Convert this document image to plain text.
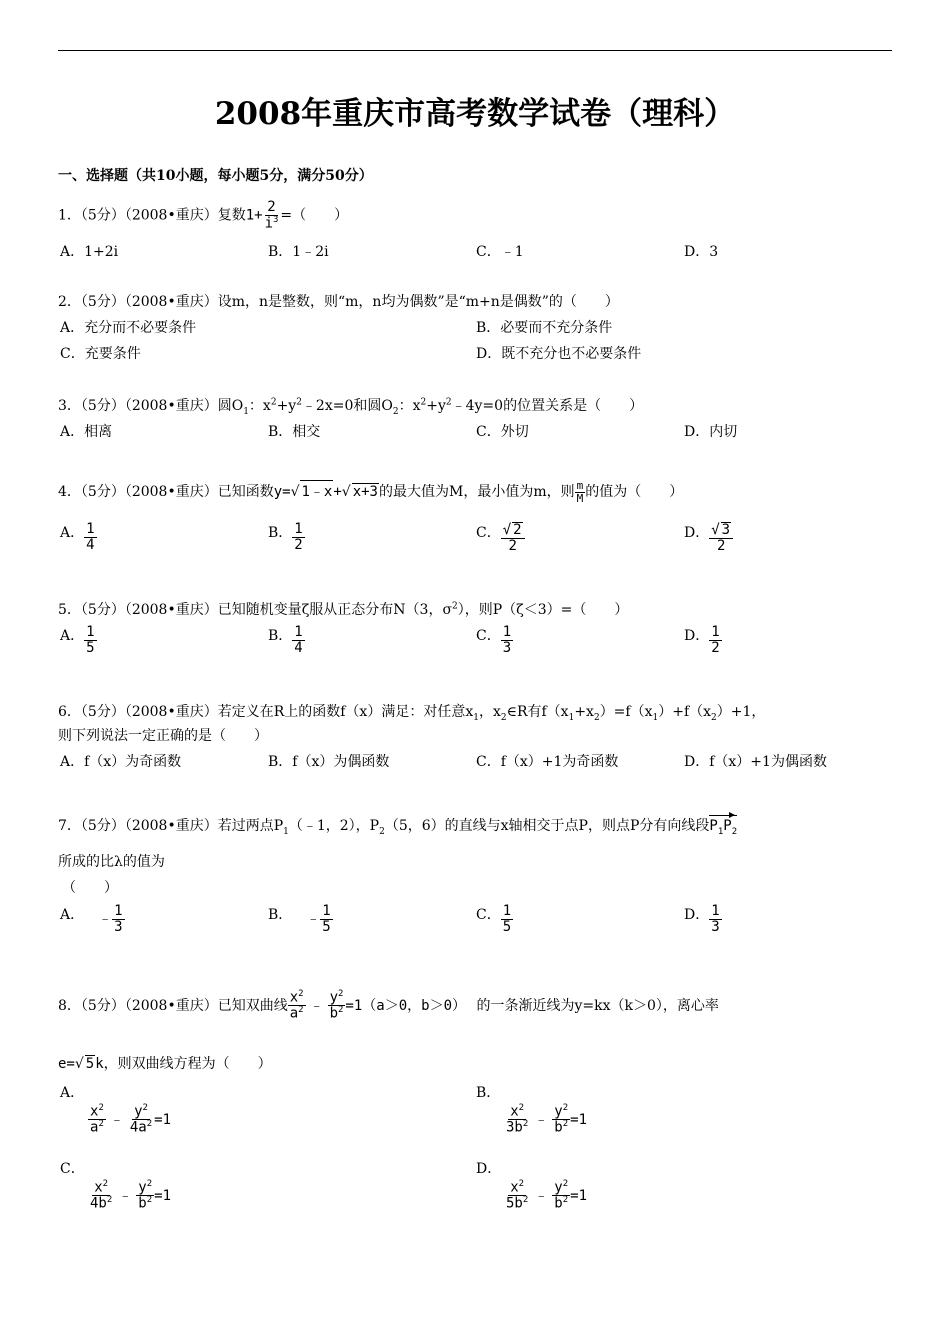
2008年重庆市高考数学试卷（理科）
一、选择题（共10小题，每小题5分，满分50分）
1．（5分）（2008•重庆）复数$1+ \frac{2}{i^3}$ =（　　）
A．1+2i	B．1﹣2i	C．﹣1	D．3
2．（5分）（2008•重庆）设m，n是整数，则“m，n均为偶数”是“m+n是偶数”的（　　）
A．充分而不必要条件	B．必要而不充分条件
C．充要条件	D．既不充分也不必要条件
3．（5分）（2008•重庆）圆$O_1$：$x^2+y^2﹣2x=0$和圆$O_2$：$x^2+y^2﹣4y=0$的位置关系是（　　）
A．相离	B．相交	C．外切	D．内切
4．（5分）（2008•重庆）已知函数y=√ 1﹣x+√ x+3的最大值为M，最小值为m，则 $\frac{m}{M}$ 的值为（　　）
A． $\frac{1}{4}$	B． $\frac{1}{2}$	C． $\frac{√ 2}{2}$	D． $\frac{√ 3}{2}$
5．（5分）（2008•重庆）已知随机变量ζ服从正态分布N（3，$\sigma^2$），则P（ζ＜3）=（　　）
A． $\frac{1}{5}$	B． $\frac{1}{4}$	C． $\frac{1}{3}$	D． $\frac{1}{2}$
6．（5分）（2008•重庆）若定义在R上的函数f（x）满足：对任意$x_1$，$x_2\in R$有$f(x_1+x_2)=f(x_1)+f(x_2)+1$，
则下列说法一定正确的是（　　）
A．f（x）为奇函数	B．f（x）为偶函数	C．f（x）+1为奇函数	D．f（x）+1为偶函数
7．（5分）（2008•重庆）若过两点$P_1(﹣1$，2），$P_2(5$，6）的直线与x轴相交于点P，则点P分有向线段$P_1P_2$
所成的比λ的值为
（　　）
A． ﹣ $\frac{1}{3}$	B． ﹣ $\frac{1}{5}$	C． $\frac{1}{5}$	D． $\frac{1}{3}$
8．（5分）（2008•重庆）已知双曲线 $\frac{x^2}{a^2}$ ﹣ $\frac{y^2}{b^2} =1(a>0$，b＞0） 的一条渐近线为y=kx（k＞0），离心率
e=√ 5k，则双曲线方程为（　　）
A．
$\frac{x^2}{a^2}$ ﹣ $\frac{y^2}{4a^2} =1$
B．
$\frac{x^2}{3b^2}$ ﹣ $\frac{y^2}{b^2} =1$
C．
$\frac{x^2}{4b^2}$ ﹣ $\frac{y^2}{b^2} =1$
D．
$\frac{x^2}{5b^2}$ ﹣ $\frac{y^2}{b^2} =1$
